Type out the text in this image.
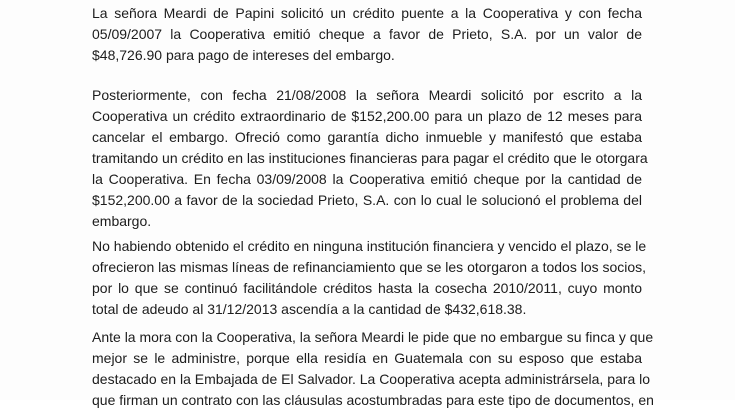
La señora Meardi de Papini solicitó un crédito puente a la Cooperativa y con fecha
05/09/2007 la Cooperativa emitió cheque a favor de Prieto, S.A. por un valor de
$48,726.90 para pago de intereses del embargo.

Posteriormente, con fecha 21/08/2008 la señora Meardi solicitó por escrito a la
Cooperativa un crédito extraordinario de $152,200.00 para un plazo de 12 meses para
cancelar el embargo. Ofreció como garantía dicho inmueble y manifestó que estaba
tramitando un crédito en las instituciones financieras para pagar el crédito que le otorgara
la Cooperativa. En fecha 03/09/2008 la Cooperativa emitió cheque por la cantidad de
$152,200.00 a favor de la sociedad Prieto, S.A. con lo cual le solucionó el problema del
embargo.

No habiendo obtenido el crédito en ninguna institución financiera y vencido el plazo, se le
ofrecieron las mismas líneas de refinanciamiento que se les otorgaron a todos los socios,
por lo que se continuó facilitándole créditos hasta la cosecha 2010/2011, cuyo monto
total de adeudo al 31/12/2013 ascendía a la cantidad de $432,618.38.

Ante la mora con la Cooperativa, la señora Meardi le pide que no embargue su finca y que
mejor se le administre, porque ella residía en Guatemala con su esposo que estaba
destacado en la Embajada de El Salvador. La Cooperativa acepta administrársela, para lo
que firman un contrato con las cláusulas acostumbradas para este tipo de documentos, en
